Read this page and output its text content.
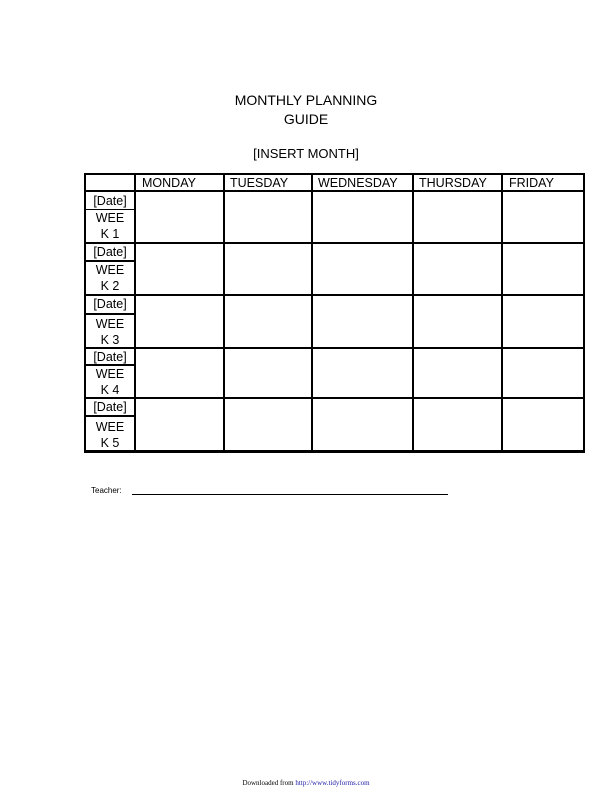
MONTHLY PLANNING
GUIDE
[INSERT MONTH]
MONDAY	TUESDAY WEDNESDAY THURSDAY FRIDAY
[Date]
WEE
K 1
[Date]
WEE
K 2
[Date]
WEE
K 3
[Date]
WEE
K 4
[Date]
WEE
K 5
Teacher:
Downloaded from http://www.tidyforms.com
